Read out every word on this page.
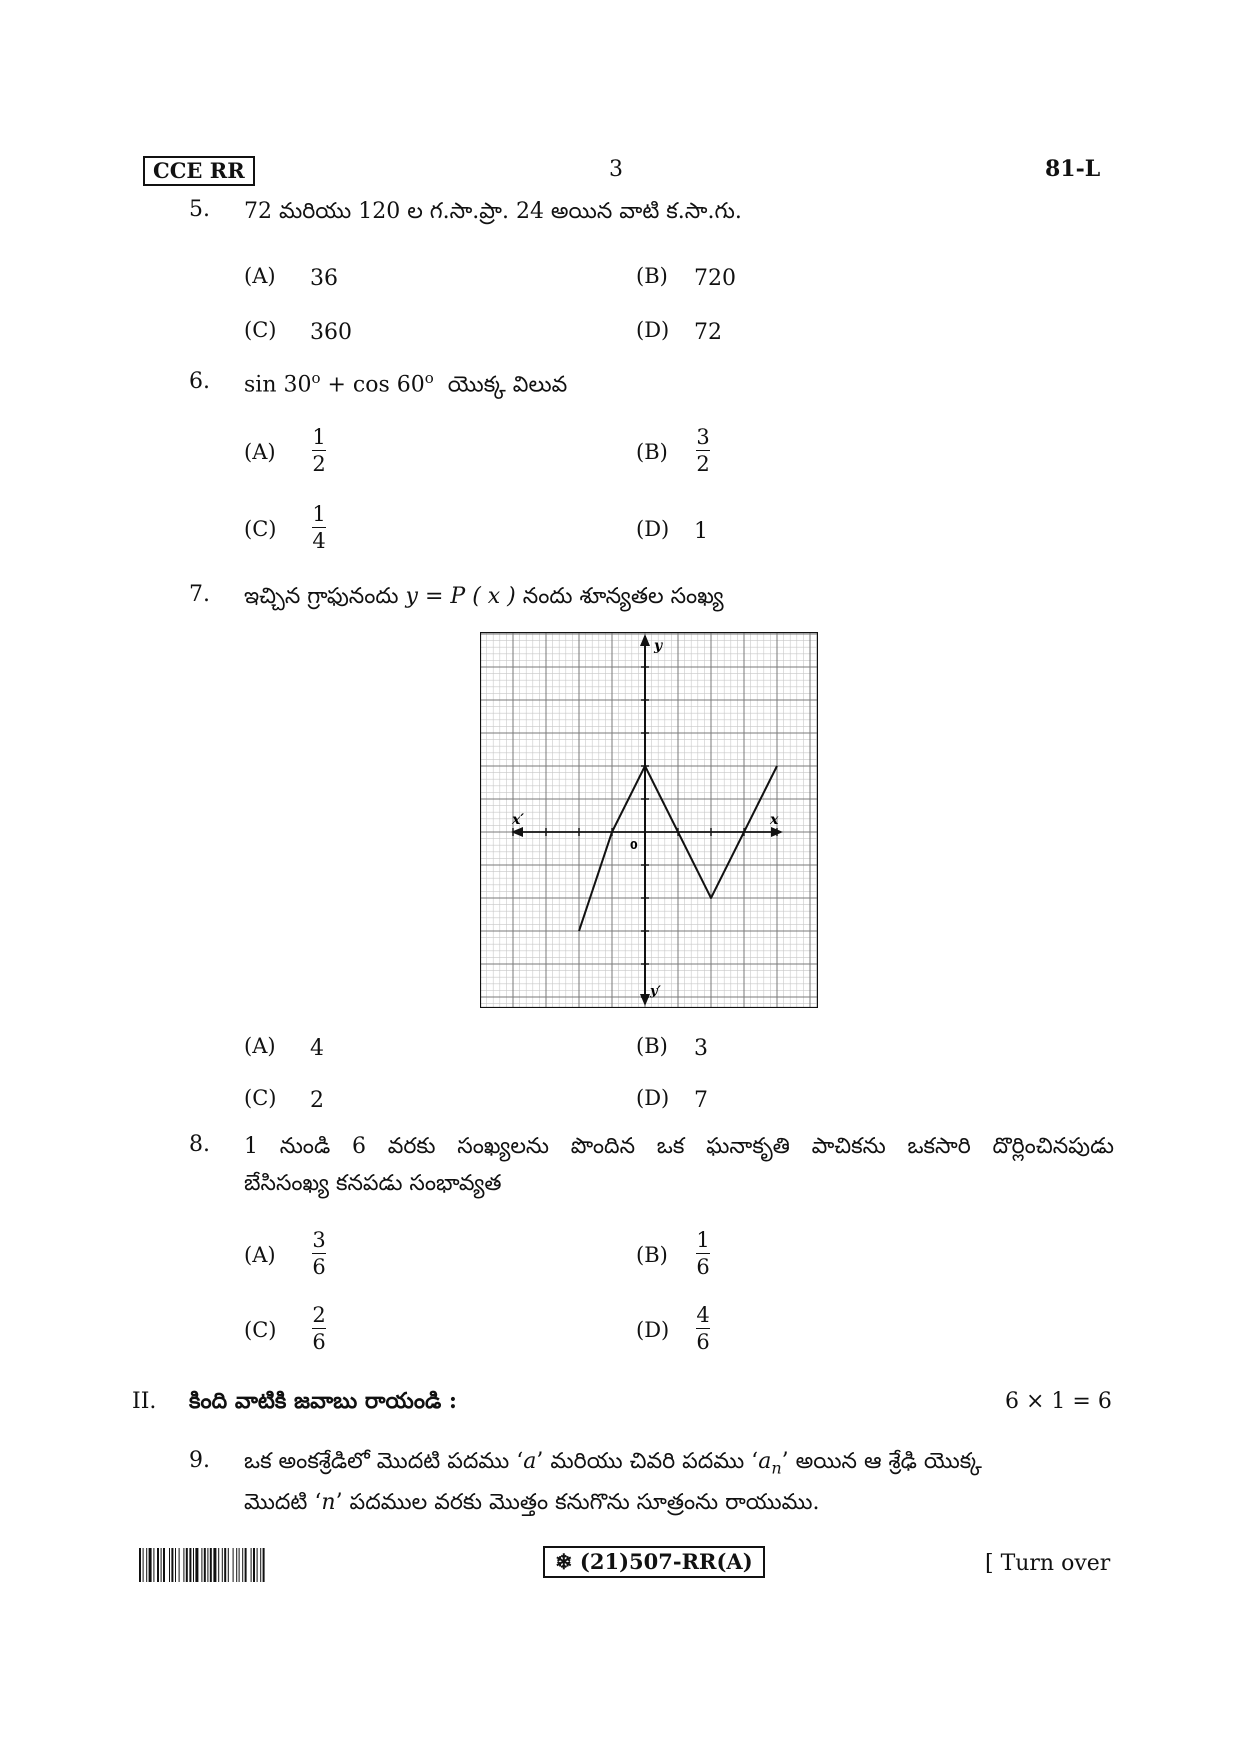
CCE RR	3	81-L
5. 72 మరియు 120 ల గ.సా.ప్రా. 24 అయిన వాటి క.సా.గు.
(A) 36	(B) 720
(C) 360	(D) 72
6. $\sin 30^o + \cos 60^o$  యొక్క విలువ
$(A) \frac{1}{2}$	$(B) \frac{3}{2}$
$(C) \frac{1}{4}$	(D) 1
7. ఇచ్చిన గ్రాఫునందు y = P ( x ) నందు శూన్యతల సంఖ్య
y
y′
x
x′
0
(A) 4	(B) 3
(C) 2	(D) 7
8. 1 నుండి 6 వరకు సంఖ్యలను పొందిన ఒక ఘనాకృతి పాచికను ఒకసారి దొర్లించినపుడు
బేసిసంఖ్య కనపడు సంభావ్యత
$(A) \frac{3}{6}$	$(B) \frac{1}{6}$
$(C) \frac{2}{6}$	$(D) \frac{4}{6}$
II. కింది వాటికి జవాబు రాయండి :	6 × 1 = 6
9. ఒక అంకశ్రేడిలో మొదటి పదము ‘a’ మరియు చివరి పదము ‘$a_n$’ అయిన ఆ శ్రేఢి యొక్క
మొదటి ‘n’ పదముల వరకు మొత్తం కనుగొను సూత్రంను రాయుము.
❄ (21)507-RR(A)	[ Turn over
